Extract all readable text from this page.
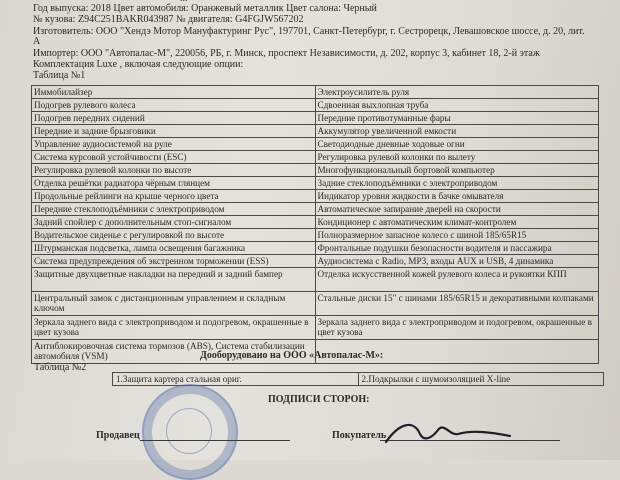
Год выпуска: 2018 Цвет автомобиля: Оранжевый металлик Цвет салона: Черный
№ кузова: Z94C251BAKR043987 № двигателя: G4FGJW567202
Изготовитель: ООО "Хендэ Мотор Мануфактуринг Рус", 197701, Санкт-Петербург, г. Сестрорецк, Левашовское шоссе, д. 20, лит.
А
Импортер: ООО "Автопалас-М", 220056, РБ, г. Минск, проспект Независимости, д. 202, корпус 3, кабинет 18, 2-й этаж
Комплектация Luxe , включая следующие опции:
Таблица №1
Иммобилайзер	Электроусилитель руля
Подогрев рулевого колеса	Сдвоенная выхлопная труба
Подогрев передних сидений	Передние противотуманные фары
Передние и задние брызговики	Аккумулятор увеличенной емкости
Управление аудиосистемой на руле	Светодиодные дневные ходовые огни
Система курсовой устойчивости (ESC)	Регулировка рулевой колонки по вылету
Регулировка рулевой колонки по высоте	Многофункциональный бортовой компьютер
Отделка решётки радиатора чёрным глянцем	Задние стеклоподъёмники с электроприводом
Продольные рейлинги на крыше черного цвета	Индикатор уровня жидкости в бачке омывателя
Передние стеклоподъёмники с электроприводом	Автоматическое запирание дверей на скорости
Задний спойлер с дополнительным стоп-сигналом	Кондиционер с автоматическим климат-контролем
Водительское сиденье с регулировкой по высоте	Полноразмерное запасное колесо с шиной 185/65R15
Штурманская подсветка, лампа освещения багажника	Фронтальные подушки безопасности водителя и пассажира
Система предупреждения об экстренном торможении (ESS)	Аудиосистема с Radio, MP3, входы AUX и USB, 4 динамика
Защитные двухцветные накладки на передний и задний бампер	Отделка искусственной кожей рулевого колеса и рукоятки КПП
Центральный замок с дистанционным управлением и складным ключом	Стальные диски 15" с шинами 185/65R15 и декоративными колпаками
Зеркала заднего вида с электроприводом и подогревом, окрашенные в цвет кузова	Зеркала заднего вида с электроприводом и подогревом, окрашенные в цвет кузова
Антиблокировочная система тормозов (ABS), Система стабилизации автомобиля (VSM)		Дооборудовано на ООО «Автопалас-М»:
Таблица №2
1.Защита картера стальная ориг.	2.Подкрылки с шумоизоляцией X-line
ПОДПИСИ СТОРОН:
Продавец	Покупатель
